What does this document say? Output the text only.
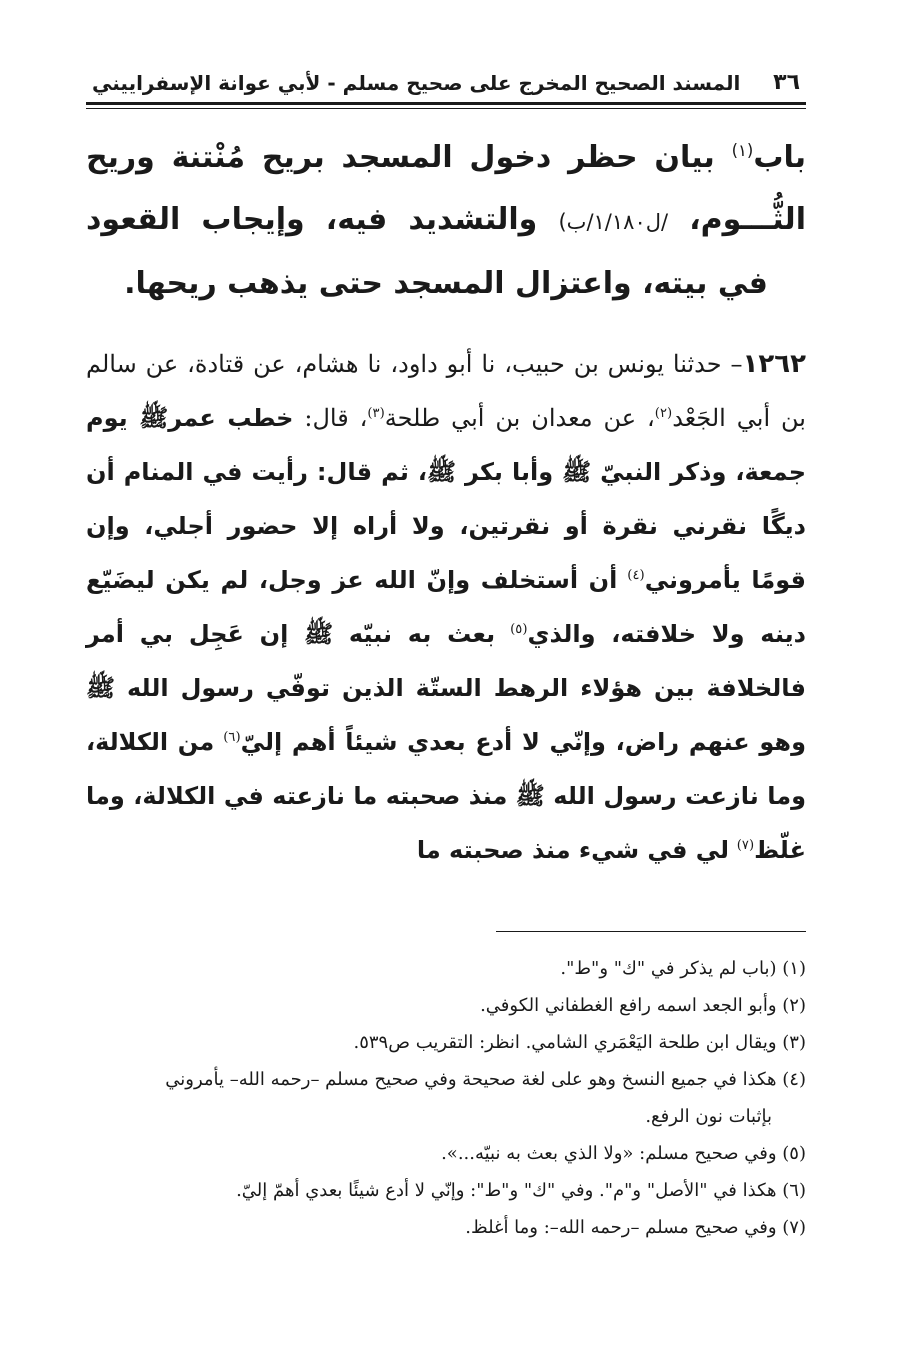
٣٦
المسند الصحيح المخرج على صحيح مسلم - لأبي عوانة الإسفراييني
باب$^{(١)}$ بيان حظر دخول المسجد بريح مُنْتنة وريح الثُّـــوم، /ل١/١٨٠/ب) والتشديد فيه، وإيجاب القعود في بيته، واعتزال المسجد حتى يذهب ريحها.
١٢٦٢– حدثنا يونس بن حبيب، نا أبو داود، نا هشام، عن قتادة، عن سالم بن أبي الجَعْد$^{(٢)}$، عن معدان بن أبي طلحة$^{(٣)}$، قال: خطب عمرﷺ يوم جمعة، وذكر النبيّ ﷺ وأبا بكر ﷺ، ثم قال: رأيت في المنام أن ديگًا نقرني نقرة أو نقرتين، ولا أراه إلا حضور أجلي، وإن قومًا يأمروني$^{(٤)}$ أن أستخلف وإنّ الله عز وجل، لم يكن ليضَيّع دينه ولا خلافته، والذي$^{(٥)}$ بعث به نبيّه ﷺ إن عَجِل بي أمر فالخلافة بين هؤلاء الرهط الستّة الذين توفّي رسول الله ﷺ وهو عنهم راض، وإنّي لا أدع بعدي شيئاً أهم إليّ$^{(٦)}$ من الكلالة، وما نازعت رسول الله ﷺ منذ صحبته ما نازعته في الكلالة، وما غلّظ$^{(٧)}$ لي في شيء منذ صحبته ما
(١) (باب لم يذكر في "ك" و"ط".
(٢) وأبو الجعد اسمه رافع الغطفاني الكوفي.
(٣) ويقال ابن طلحة اليَعْمَري الشامي. انظر: التقريب ص٥٣٩.
(٤) هكذا في جميع النسخ وهو على لغة صحيحة وفي صحيح مسلم –رحمه الله– يأمروني
بإثبات نون الرفع.
(٥) وفي صحيح مسلم: «ولا الذي بعث به نبيّه...».
(٦) هكذا في "الأصل" و"م". وفي "ك" و"ط": وإنّي لا أدع شيئًا بعدي أهمّ إليّ.
(٧) وفي صحيح مسلم –رحمه الله–: وما أغلظ.
